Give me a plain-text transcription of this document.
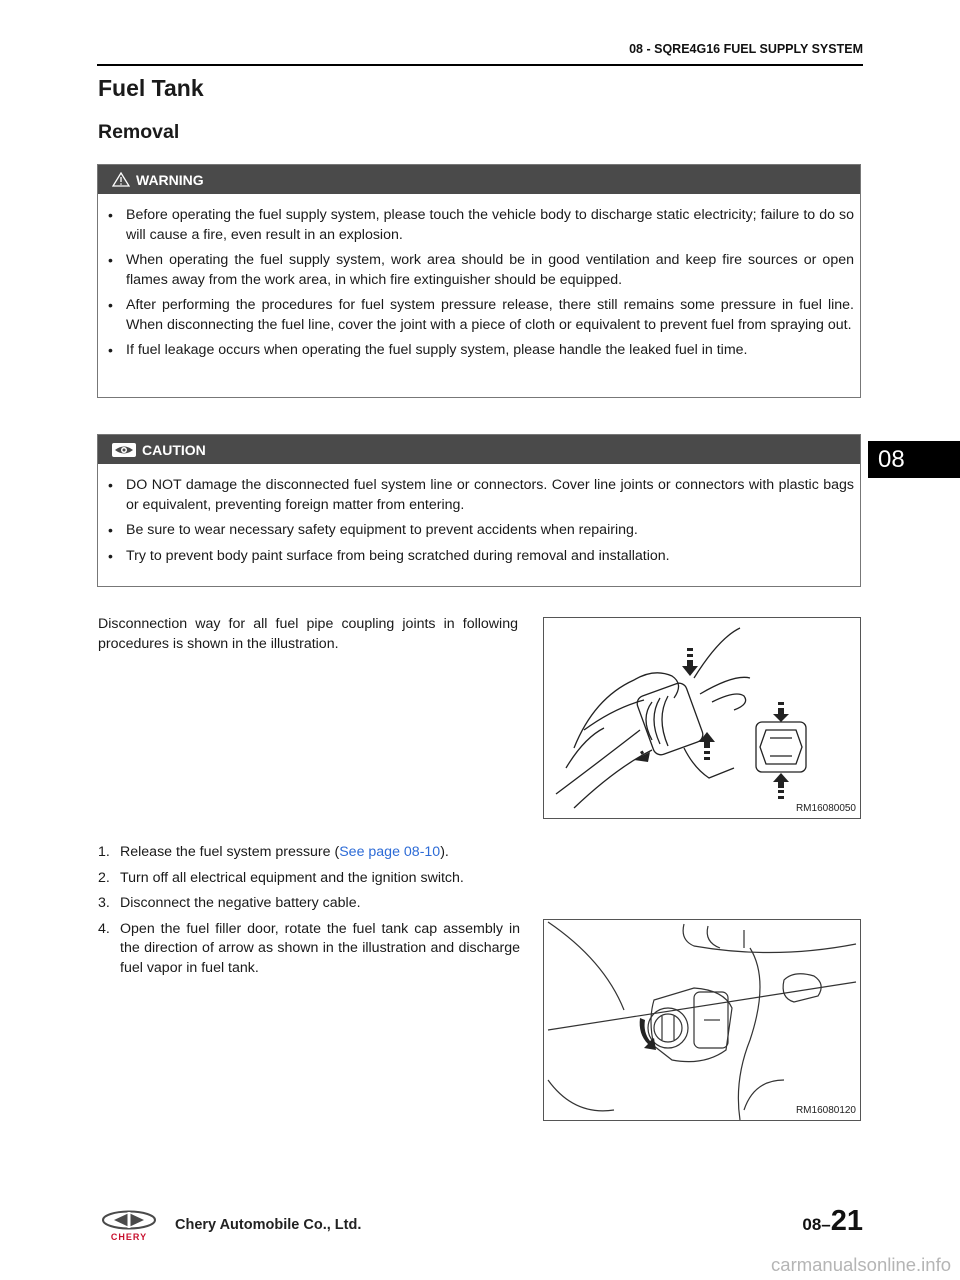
08 - SQRE4G16 FUEL SUPPLY SYSTEM
Fuel Tank
Removal
WARNING
• Before operating the fuel supply system, please touch the vehicle body to discharge static electricity; failure to do so will cause a fire, even result in an explosion.
• When operating the fuel supply system, work area should be in good ventilation and keep fire sources or open flames away from the work area, in which fire extinguisher should be equipped.
• After performing the procedures for fuel system pressure release, there still remains some pressure in fuel line. When disconnecting the fuel line, cover the joint with a piece of cloth or equivalent to prevent fuel from spraying out.
• If fuel leakage occurs when operating the fuel supply system, please handle the leaked fuel in time.
08
CAUTION
• DO NOT damage the disconnected fuel system line or connectors. Cover line joints or connectors with plastic bags or equivalent, preventing foreign matter from entering.
• Be sure to wear necessary safety equipment to prevent accidents when repairing.
• Try to prevent body paint surface from being scratched during removal and installation.

Disconnection way for all fuel pipe coupling joints in following procedures is shown in the illustration.

RM16080050
1. Release the fuel system pressure (See page 08-10).
2. Turn off all electrical equipment and the ignition switch.
3. Disconnect the negative battery cable.
4. Open the fuel filler door, rotate the fuel tank cap assembly in the direction of arrow as shown in the illustration and discharge fuel vapor in fuel tank.
RM16080120
CHERY
Chery Automobile Co., Ltd.	08–21
carmanualsonline.info
